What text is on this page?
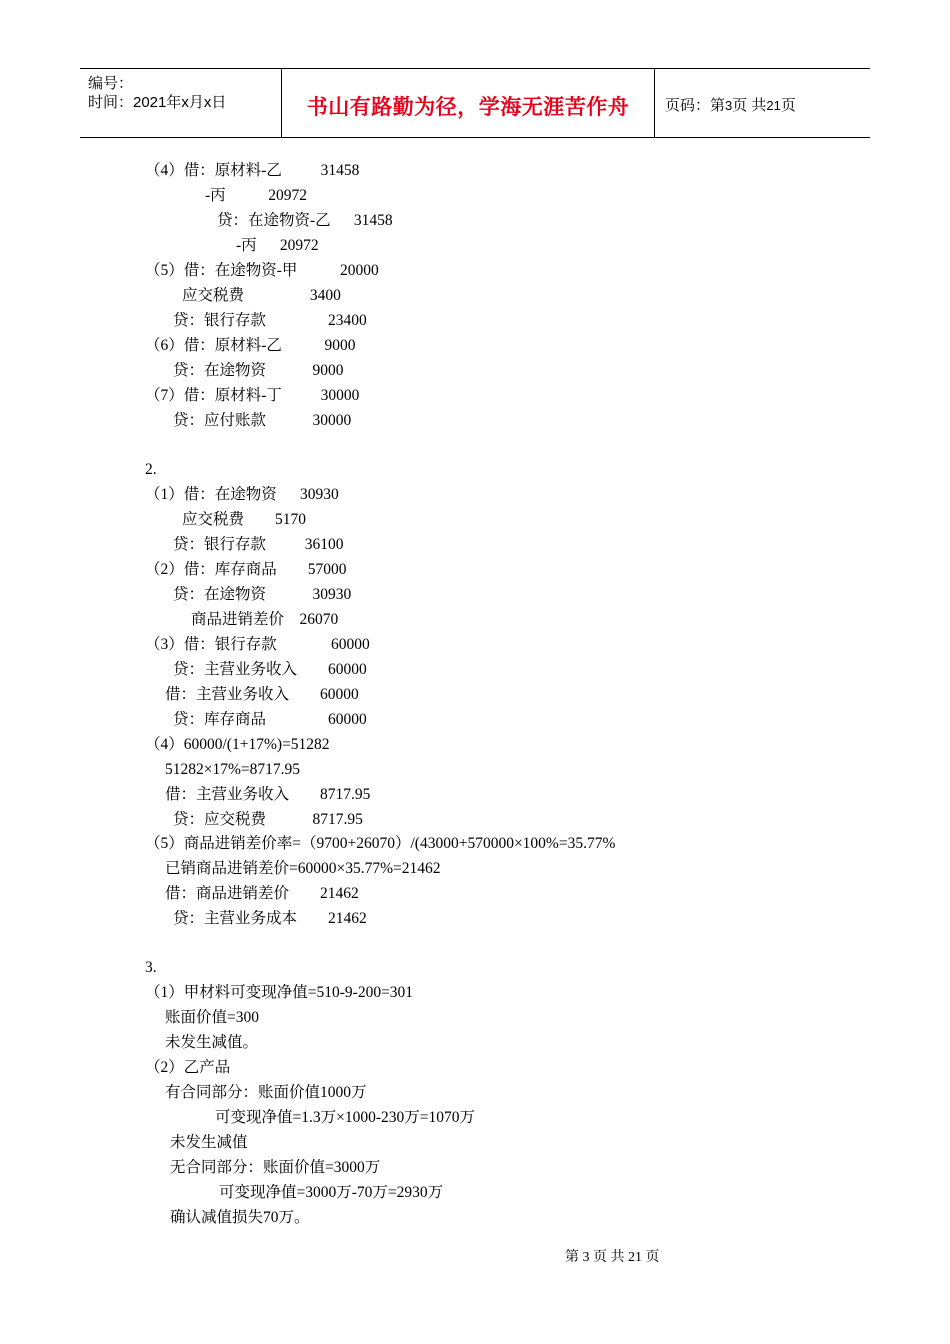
编号：
时间：2021年x月x日	书山有路勤为径，学海无涯苦作舟	页码：第3页 共21页
（4）借：原材料-乙          31458
-丙           20972
贷：在途物资-乙      31458
-丙      20972
（5）借：在途物资-甲           20000
应交税费                 3400
贷：银行存款                23400
（6）借：原材料-乙           9000
贷：在途物资            9000
（7）借：原材料-丁          30000
贷：应付账款            30000
2.
（1）借：在途物资      30930
应交税费        5170
贷：银行存款          36100
（2）借：库存商品        57000
贷：在途物资            30930
商品进销差价    26070
（3）借：银行存款              60000
贷：主营业务收入        60000
借：主营业务收入        60000
贷：库存商品                60000
（4）60000/(1+17%)=51282
51282×17%=8717.95
借：主营业务收入        8717.95
贷：应交税费            8717.95
（5）商品进销差价率=（9700+26070）/(43000+570000×100%=35.77%
已销商品进销差价=60000×35.77%=21462
借：商品进销差价        21462
贷：主营业务成本        21462
3.
（1）甲材料可变现净值=510-9-200=301
账面价值=300
未发生减值。
（2）乙产品
有合同部分：账面价值1000万
可变现净值=1.3万×1000-230万=1070万
未发生减值
无合同部分：账面价值=3000万
可变现净值=3000万-70万=2930万
确认减值损失70万。
第 3 页 共 21 页
